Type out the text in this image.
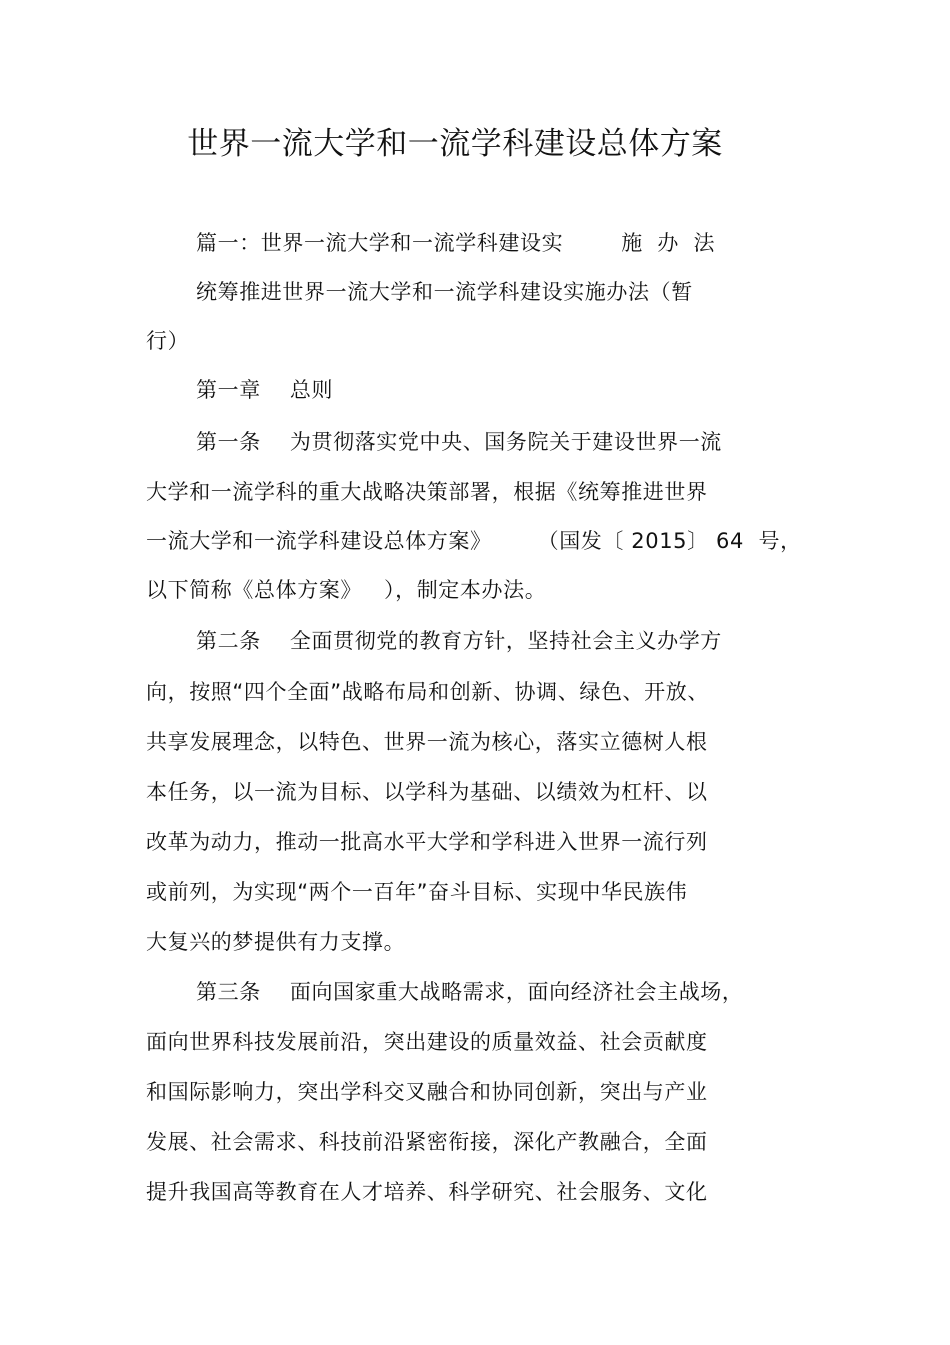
世界一流大学和一流学科建设总体方案
篇一：世界一流大学和一流学科建设实	施  办  法
统筹推进世界一流大学和一流学科建设实施办法（暂
行）
第一章    总则
第一条    为贯彻落实党中央、国务院关于建设世界一流
大学和一流学科的重大战略决策部署，根据《统筹推进世界
一流大学和一流学科建设总体方案》 （国发〔 2015〕 64  号，
以下简称《总体方案》 ），制定本办法。
第二条    全面贯彻党的教育方针，坚持社会主义办学方
向，按照“四个全面”战略布局和创新、协调、绿色、开放、
共享发展理念，以特色、世界一流为核心，落实立德树人根
本任务，以一流为目标、以学科为基础、以绩效为杠杆、以
改革为动力，推动一批高水平大学和学科进入世界一流行列
或前列，为实现“两个一百年”奋斗目标、实现中华民族伟
大复兴的梦提供有力支撑。
第三条    面向国家重大战略需求，面向经济社会主战场，
面向世界科技发展前沿，突出建设的质量效益、社会贡献度
和国际影响力，突出学科交叉融合和协同创新，突出与产业
发展、社会需求、科技前沿紧密衔接，深化产教融合，全面
提升我国高等教育在人才培养、科学研究、社会服务、文化
